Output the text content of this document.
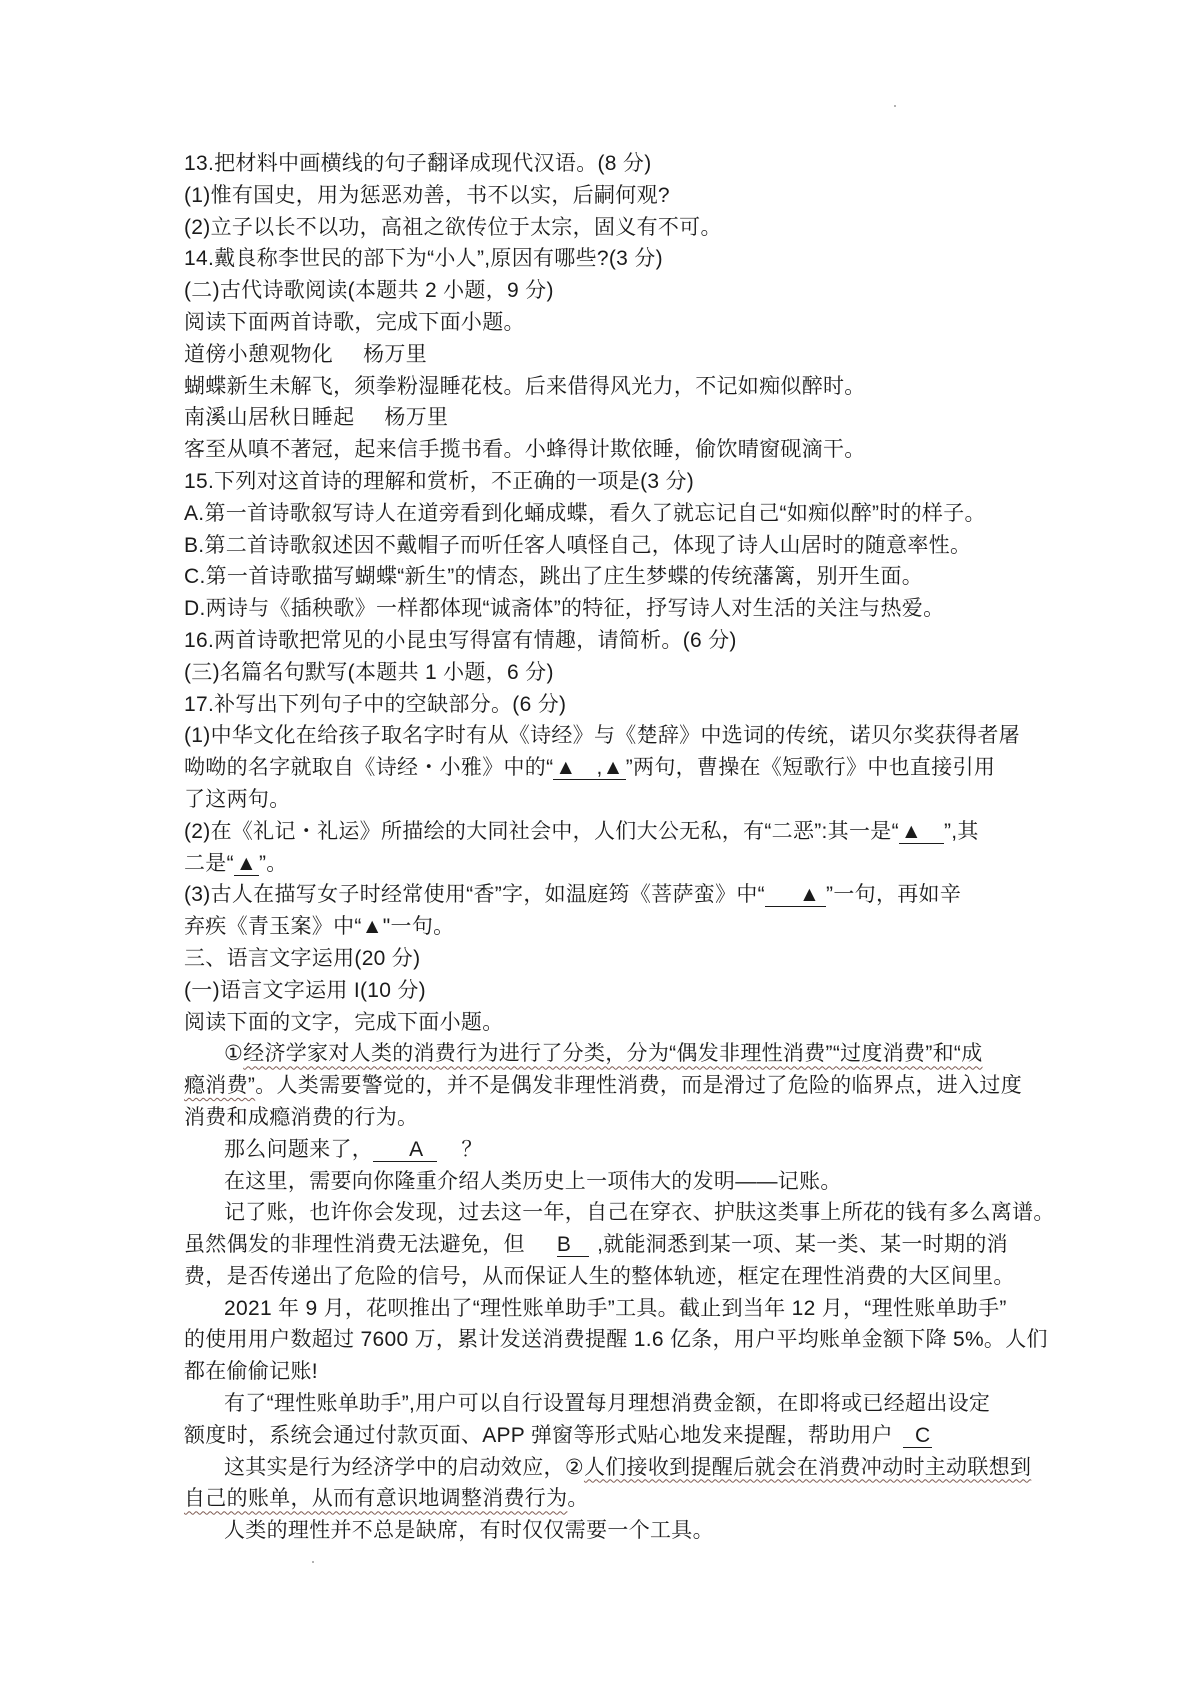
13.把材料中画横线的句子翻译成现代汉语。(8 分)
(1)惟有国史，用为惩恶劝善，书不以实，后嗣何观?
(2)立子以长不以功，高祖之欲传位于太宗，固义有不可。
14.戴良称李世民的部下为“小人”,原因有哪些?(3 分)
(二)古代诗歌阅读(本题共 2 小题，9 分)
阅读下面两首诗歌，完成下面小题。
道傍小憩观物化 杨万里
蝴蝶新生未解飞，须拳粉湿睡花枝。后来借得风光力，不记如痴似醉时。
南溪山居秋日睡起 杨万里
客至从嗔不著冠，起来信手揽书看。小蜂得计欺依睡，偷饮晴窗砚滴干。
15.下列对这首诗的理解和赏析，不正确的一项是(3 分)
A.第一首诗歌叙写诗人在道旁看到化蛹成蝶，看久了就忘记自己“如痴似醉”时的样子。
B.第二首诗歌叙述因不戴帽子而听任客人嗔怪自己，体现了诗人山居时的随意率性。
C.第一首诗歌描写蝴蝶“新生”的情态，跳出了庄生梦蝶的传统藩篱，别开生面。
D.两诗与《插秧歌》一样都体现“诚斋体”的特征，抒写诗人对生活的关注与热爱。
16.两首诗歌把常见的小昆虫写得富有情趣，请简析。(6 分)
(三)名篇名句默写(本题共 1 小题，6 分)
17.补写出下列句子中的空缺部分。(6 分)
(1)中华文化在给孩子取名字时有从《诗经》与《楚辞》中选词的传统，诺贝尔奖获得者屠
呦呦的名字就取自《诗经・小雅》中的“▲ ,▲”两句，曹操在《短歌行》中也直接引用
了这两句。
(2)在《礼记・礼运》所描绘的大同社会中，人们大公无私，有“二恶”:其一是“▲ ”,其
二是“▲”。
(3)古人在描写女子时经常使用“香”字，如温庭筠《菩萨蛮》中“ ▲ ”一句，再如辛
弃疾《青玉案》中“▲"一句。
三、语言文字运用(20 分)
(一)语言文字运用 I(10 分)
阅读下面的文字，完成下面小题。
①经济学家对人类的消费行为进行了分类，分为“偶发非理性消费”“过度消费”和“成
瘾消费”。人类需要警觉的，并不是偶发非理性消费，而是滑过了危险的临界点，进入过度
消费和成瘾消费的行为。
那么问题来了， A ？
在这里，需要向你隆重介绍人类历史上一项伟大的发明——记账。
记了账，也许你会发现，过去这一年，自己在穿衣、护肤这类事上所花的钱有多么离谱。
虽然偶发的非理性消费无法避免，但 B ,就能洞悉到某一项、某一类、某一时期的消
费，是否传递出了危险的信号，从而保证人生的整体轨迹，框定在理性消费的大区间里。
2021 年 9 月，花呗推出了“理性账单助手”工具。截止到当年 12 月，“理性账单助手”
的使用用户数超过 7600 万，累计发送消费提醒 1.6 亿条，用户平均账单金额下降 5%。人们
都在偷偷记账!
有了“理性账单助手”,用户可以自行设置每月理想消费金额，在即将或已经超出设定
额度时，系统会通过付款页面、APP 弹窗等形式贴心地发来提醒，帮助用户 C
这其实是行为经济学中的启动效应，②人们接收到提醒后就会在消费冲动时主动联想到
自己的账单，从而有意识地调整消费行为。
人类的理性并不总是缺席，有时仅仅需要一个工具。
